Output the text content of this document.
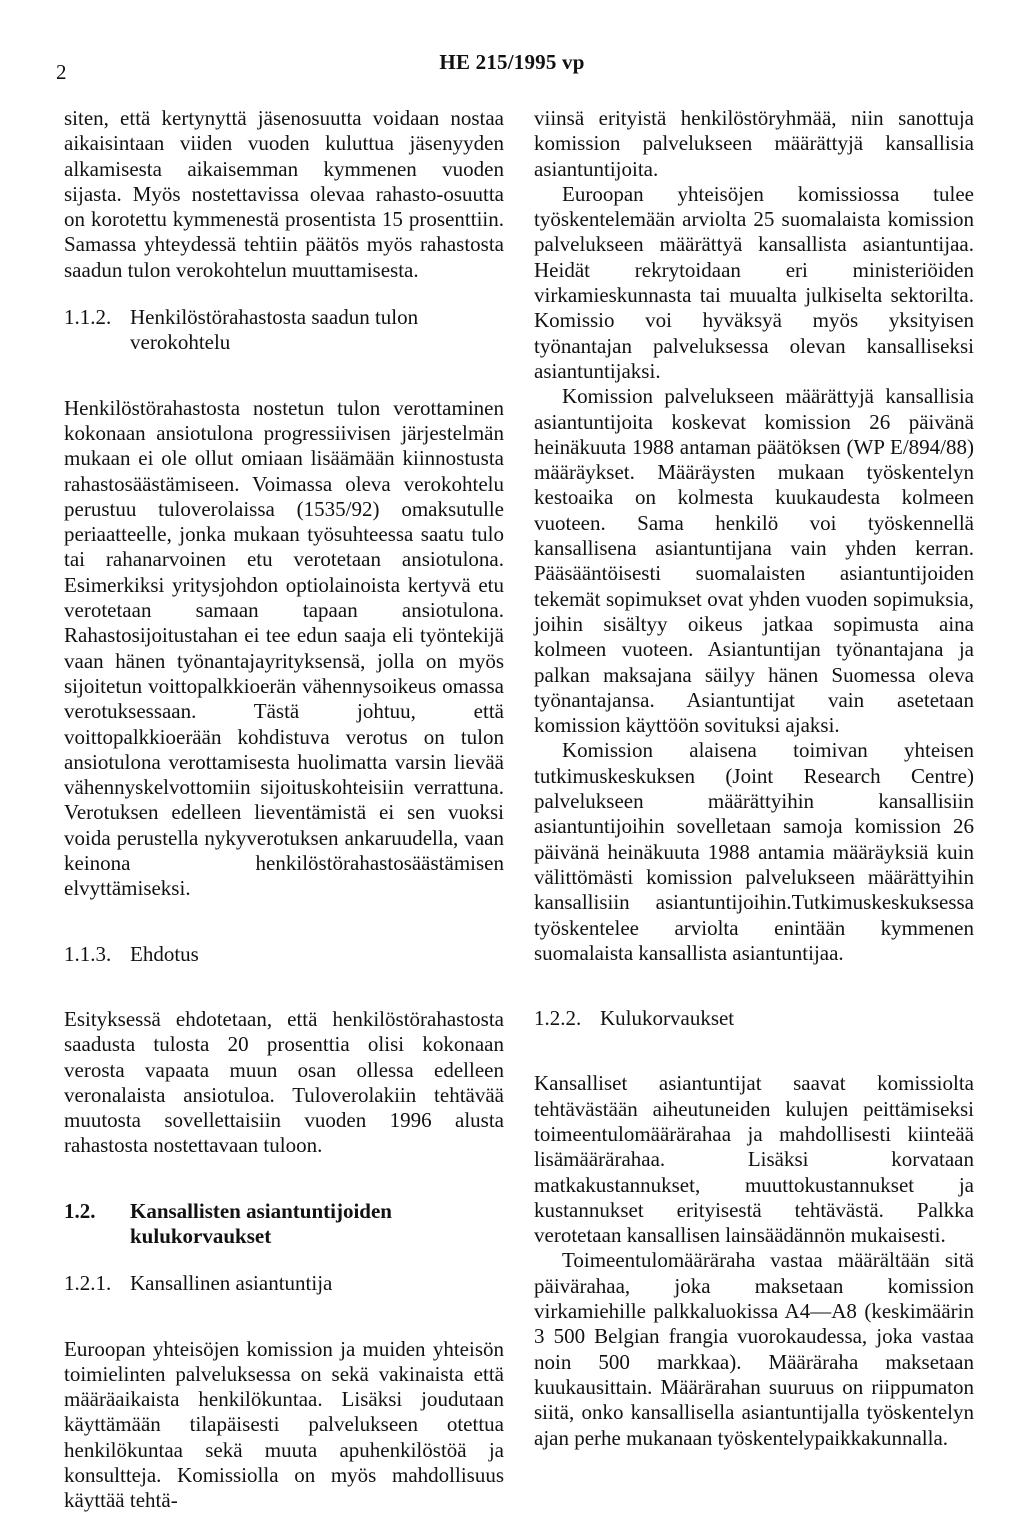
2	HE 215/1995 vp

siten, että kertynyttä jäsenosuutta voidaan nostaa aikaisintaan viiden vuoden kuluttua jäsenyyden alkamisesta aikaisemman kymmenen vuoden sijasta. Myös nostettavissa olevaa rahasto-osuutta on korotettu kymmenestä prosentista 15 prosenttiin. Samassa yhteydessä tehtiin päätös myös rahastosta saadun tulon verokohtelun muuttamisesta.

1.1.2. Henkilöstörahastosta saadun tulon verokohtelu

Henkilöstörahastosta nostetun tulon verottaminen kokonaan ansiotulona progressiivisen järjestelmän mukaan ei ole ollut omiaan lisäämään kiinnostusta rahastosäästämiseen. Voimassa oleva verokohtelu perustuu tuloverolaissa (1535/92) omaksutulle periaatteelle, jonka mukaan työsuhteessa saatu tulo tai rahanarvoinen etu verotetaan ansiotulona. Esimerkiksi yritysjohdon optiolainoista kertyvä etu verotetaan samaan tapaan ansiotulona. Rahastosijoitustahan ei tee edun saaja eli työntekijä vaan hänen työnantajayrityksensä, jolla on myös sijoitetun voittopalkkioerän vähennysoikeus omassa verotuksessaan. Tästä johtuu, että voittopalkkioerään kohdistuva verotus on tulon ansiotulona verottamisesta huolimatta varsin lievää vähennyskelvottomiin sijoituskohteisiin verrattuna. Verotuksen edelleen lieventämistä ei sen vuoksi voida perustella nykyverotuksen ankaruudella, vaan keinona henkilöstörahastosäästämisen elvyttämiseksi.

1.1.3. Ehdotus

Esityksessä ehdotetaan, että henkilöstörahastosta saadusta tulosta 20 prosenttia olisi kokonaan verosta vapaata muun osan ollessa edelleen veronalaista ansiotuloa. Tuloverolakiin tehtävää muutosta sovellettaisiin vuoden 1996 alusta rahastosta nostettavaan tuloon.

1.2.	Kansallisten asiantuntijoiden kulukorvaukset
1.2.1. Kansallinen asiantuntija

Euroopan yhteisöjen komission ja muiden yhteisön toimielinten palveluksessa on sekä vakinaista että määräaikaista henkilökuntaa. Lisäksi joudutaan käyttämään tilapäisesti palvelukseen otettua henkilökuntaa sekä muuta apuhenkilöstöä ja konsultteja. Komissiolla on myös mahdollisuus käyttää tehtä-

viinsä erityistä henkilöstöryhmää, niin sanottuja komission palvelukseen määrättyjä kansallisia asiantuntijoita.

Euroopan yhteisöjen komissiossa tulee työskentelemään arviolta 25 suomalaista komission palvelukseen määrättyä kansallista asiantuntijaa. Heidät rekrytoidaan eri ministeriöiden virkamieskunnasta tai muualta julkiselta sektorilta. Komissio voi hyväksyä myös yksityisen työnantajan palveluksessa olevan kansalliseksi asiantuntijaksi.

Komission palvelukseen määrättyjä kansallisia asiantuntijoita koskevat komission 26 päivänä heinäkuuta 1988 antaman päätöksen (WP E/894/88) määräykset. Määräysten mukaan työskentelyn kestoaika on kolmesta kuukaudesta kolmeen vuoteen. Sama henkilö voi työskennellä kansallisena asiantuntijana vain yhden kerran. Pääsääntöisesti suomalaisten asiantuntijoiden tekemät sopimukset ovat yhden vuoden sopimuksia, joihin sisältyy oikeus jatkaa sopimusta aina kolmeen vuoteen. Asiantuntijan työnantajana ja palkan maksajana säilyy hänen Suomessa oleva työnantajansa. Asiantuntijat vain asetetaan komission käyttöön sovituksi ajaksi.

Komission alaisena toimivan yhteisen tutkimuskeskuksen (Joint Research Centre) palvelukseen määrättyihin kansallisiin asiantuntijoihin sovelletaan samoja komission 26 päivänä heinäkuuta 1988 antamia määräyksiä kuin välittömästi komission palvelukseen määrättyihin kansallisiin asiantuntijoihin.Tutkimuskeskuksessa työskentelee arviolta enintään kymmenen suomalaista kansallista asiantuntijaa.

1.2.2. Kulukorvaukset

Kansalliset asiantuntijat saavat komissiolta tehtävästään aiheutuneiden kulujen peittämiseksi toimeentulomäärärahaa ja mahdollisesti kiinteää lisämäärärahaa. Lisäksi korvataan matkakustannukset, muuttokustannukset ja kustannukset erityisestä tehtävästä. Palkka verotetaan kansallisen lainsäädännön mukaisesti.

Toimeentulomääräraha vastaa määrältään sitä päivärahaa, joka maksetaan komission virkamiehille palkkaluokissa A4—A8 (keskimäärin 3 500 Belgian frangia vuorokaudessa, joka vastaa noin 500 markkaa). Määräraha maksetaan kuukausittain. Määrärahan suuruus on riippumaton siitä, onko kansallisella asiantuntijalla työskentelyn ajan perhe mukanaan työskentelypaikkakunnalla.
